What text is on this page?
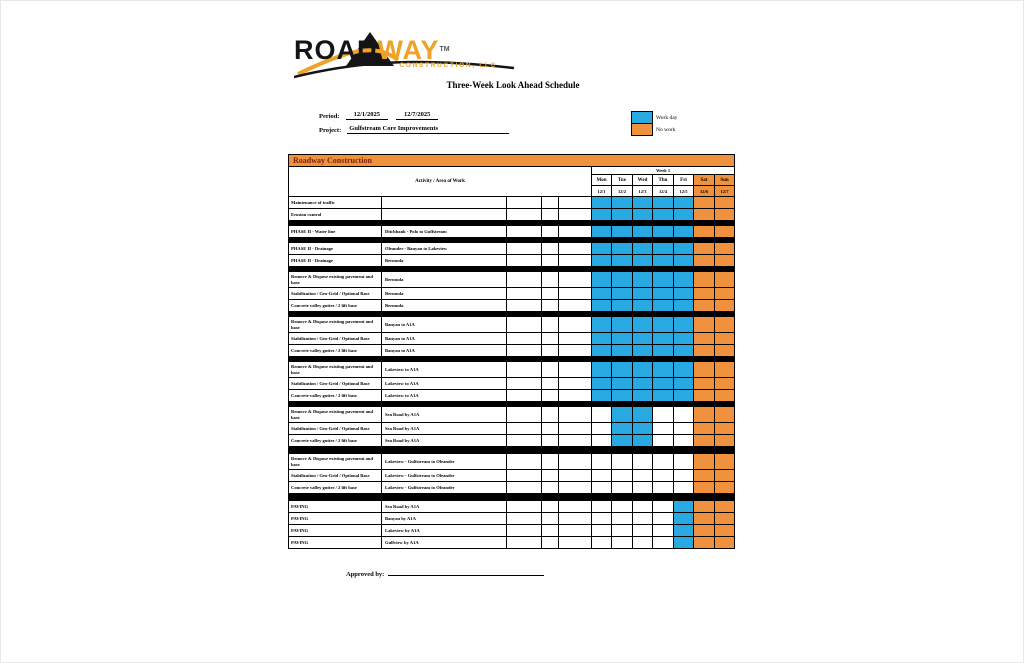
ROADWAY™
CONSTRUCTION, LLC
Three-Week Look Ahead Schedule
Period:	12/1/2025	12/7/2025
Project:	Gulfstream Core Improvements
Work day
No work
Roadway Construction											
Activity / Area of Work					Week 1						
					Mon	Tue	Wed	Thu	Fri	Sat	Sun
					12/1	12/2	12/3	12/4	12/5	12/6	12/7
Maintenance of traffic											
Erosion control											

PHASE II - Water line	Ditchbank - Polo to Gulfstream										

PHASE II - Drainage	Oleander - Banyan to Lakeview										
PHASE II - Drainage	Bermuda										

Remove & Dispose existing pavement and base	Bermuda										
Stabilization / Geo-Grid / Optional Base	Bermuda										
Concrete valley gutter / 2 lift base	Bermuda										

Remove & Dispose existing pavement and base	Banyan to A1A										
Stabilization / Geo-Grid / Optional Base	Banyan to A1A										
Concrete valley gutter / 2 lift base	Banyan to A1A										

Remove & Dispose existing pavement and base	Lakeview to A1A										
Stabilization / Geo-Grid / Optional Base	Lakeview to A1A										
Concrete valley gutter / 2 lift base	Lakeview to A1A										

Remove & Dispose existing pavement and base	Sea Road by A1A										
Stabilization / Geo-Grid / Optional Base	Sea Road by A1A										
Concrete valley gutter / 2 lift base	Sea Road by A1A										

Remove & Dispose existing pavement and base	Lakeview - Gulfstream to Oleander										
Stabilization / Geo-Grid / Optional Base	Lakeview - Gulfstream to Oleander										
Concrete valley gutter / 2 lift base	Lakeview - Gulfstream to Oleander										

PAVING	Sea Road by A1A										
PAVING	Banyan by A1A										
PAVING	Lakeview by A1A										
PAVING	Gulfview by A1A										
Approved by:
